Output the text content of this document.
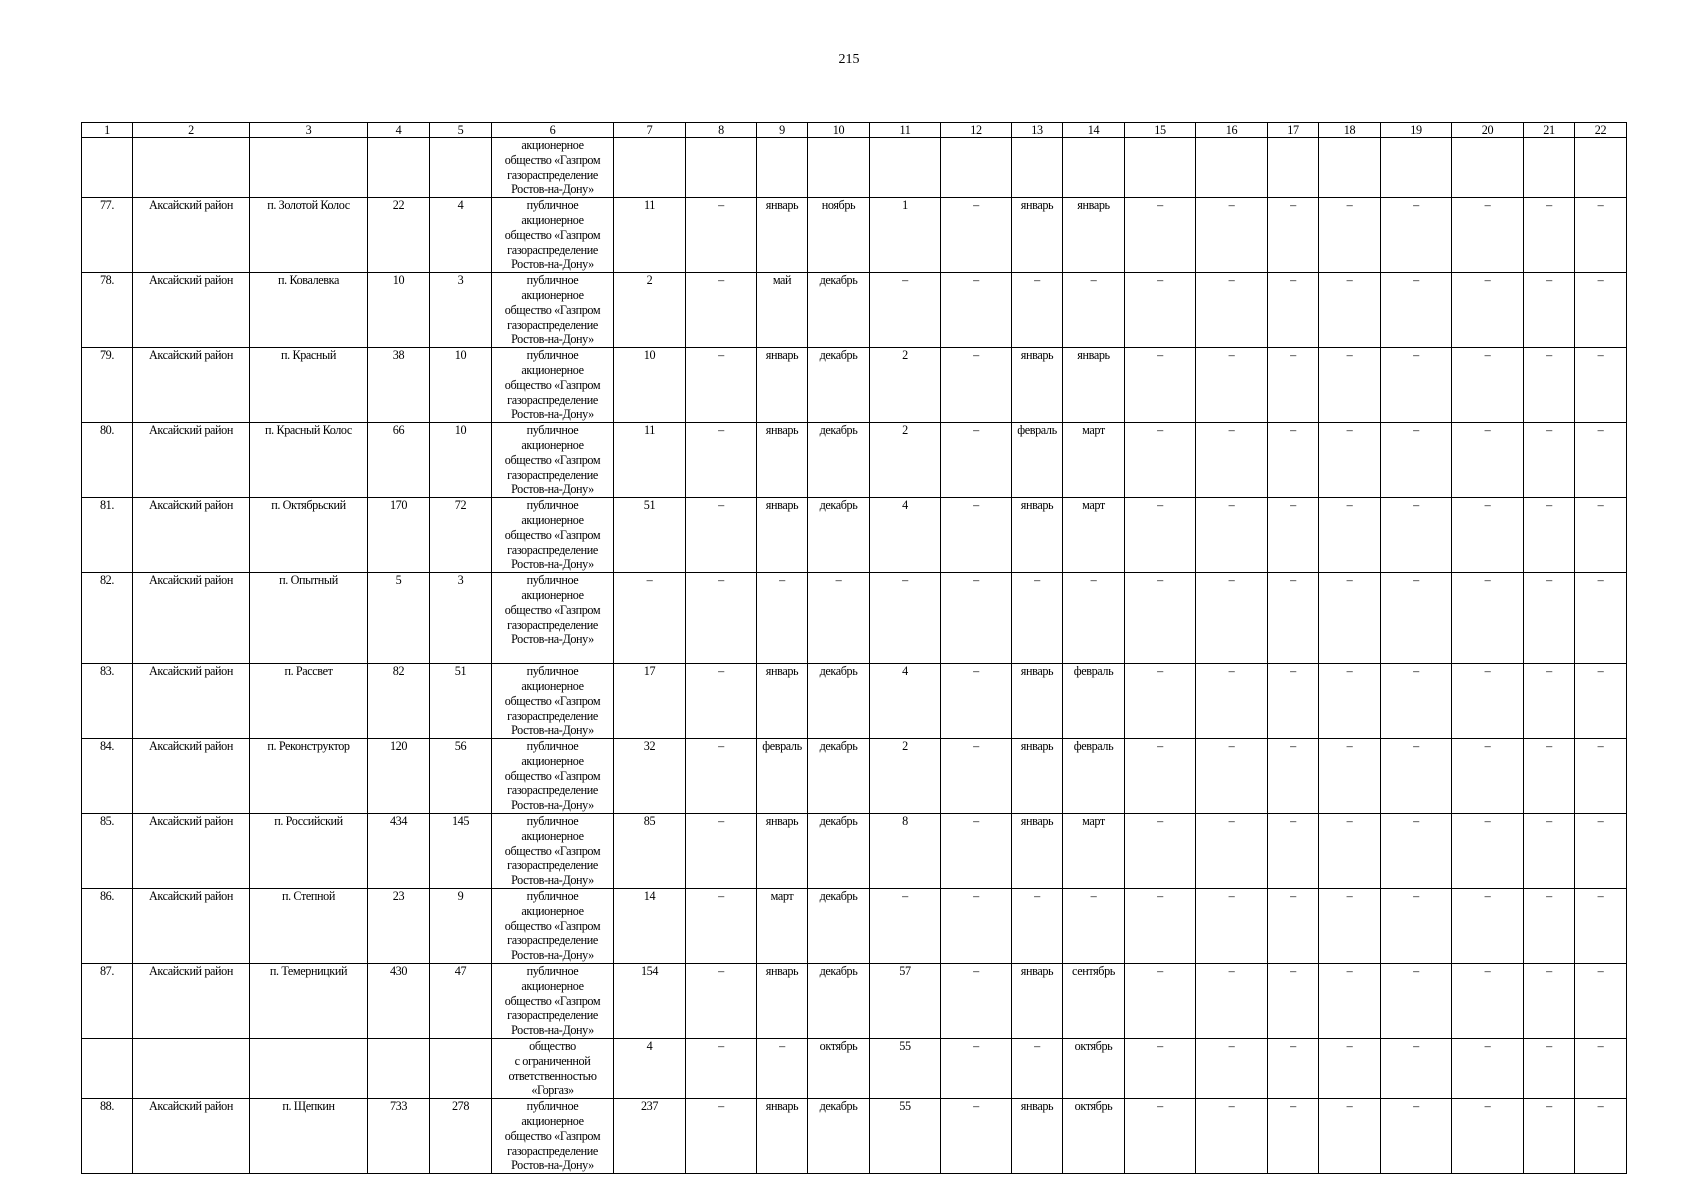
215
1	2	3	4	5	6	7	8	9	10	11	12	13	14	15	16	17	18	19	20	21	22
					акционерное
общество «Газпром
газораспределение
Ростов-на-Дону»																
77.	Аксайский район	п. Золотой Колос	22	4	публичное
акционерное
общество «Газпром
газораспределение
Ростов-на-Дону»	11	–	январь	ноябрь	1	–	январь	январь	–	–	–	–	–	–	–	–
78.	Аксайский район	п. Ковалевка	10	3	публичное
акционерное
общество «Газпром
газораспределение
Ростов-на-Дону»	2	–	май	декабрь	–	–	–	–	–	–	–	–	–	–	–	–
79.	Аксайский район	п. Красный	38	10	публичное
акционерное
общество «Газпром
газораспределение
Ростов-на-Дону»	10	–	январь	декабрь	2	–	январь	январь	–	–	–	–	–	–	–	–
80.	Аксайский район	п. Красный Колос	66	10	публичное
акционерное
общество «Газпром
газораспределение
Ростов-на-Дону»	11	–	январь	декабрь	2	–	февраль	март	–	–	–	–	–	–	–	–
81.	Аксайский район	п. Октябрьский	170	72	публичное
акционерное
общество «Газпром
газораспределение
Ростов-на-Дону»	51	–	январь	декабрь	4	–	январь	март	–	–	–	–	–	–	–	–
82.	Аксайский район	п. Опытный	5	3	публичное
акционерное
общество «Газпром
газораспределение
Ростов-на-Дону»	–	–	–	–	–	–	–	–	–	–	–	–	–	–	–	–
83.	Аксайский район	п. Рассвет	82	51	публичное
акционерное
общество «Газпром
газораспределение
Ростов-на-Дону»	17	–	январь	декабрь	4	–	январь	февраль	–	–	–	–	–	–	–	–
84.	Аксайский район	п. Реконструктор	120	56	публичное
акционерное
общество «Газпром
газораспределение
Ростов-на-Дону»	32	–	февраль	декабрь	2	–	январь	февраль	–	–	–	–	–	–	–	–
85.	Аксайский район	п. Российский	434	145	публичное
акционерное
общество «Газпром
газораспределение
Ростов-на-Дону»	85	–	январь	декабрь	8	–	январь	март	–	–	–	–	–	–	–	–
86.	Аксайский район	п. Степной	23	9	публичное
акционерное
общество «Газпром
газораспределение
Ростов-на-Дону»	14	–	март	декабрь	–	–	–	–	–	–	–	–	–	–	–	–
87.	Аксайский район	п. Темерницкий	430	47	публичное
акционерное
общество «Газпром
газораспределение
Ростов-на-Дону»	154	–	январь	декабрь	57	–	январь	сентябрь	–	–	–	–	–	–	–	–
					общество
с ограниченной
ответственностью
«Горгаз»	4	–	–	октябрь	55	–	–	октябрь	–	–	–	–	–	–	–	–
88.	Аксайский район	п. Щепкин	733	278	публичное
акционерное
общество «Газпром
газораспределение
Ростов-на-Дону»	237	–	январь	декабрь	55	–	январь	октябрь	–	–	–	–	–	–	–	–
